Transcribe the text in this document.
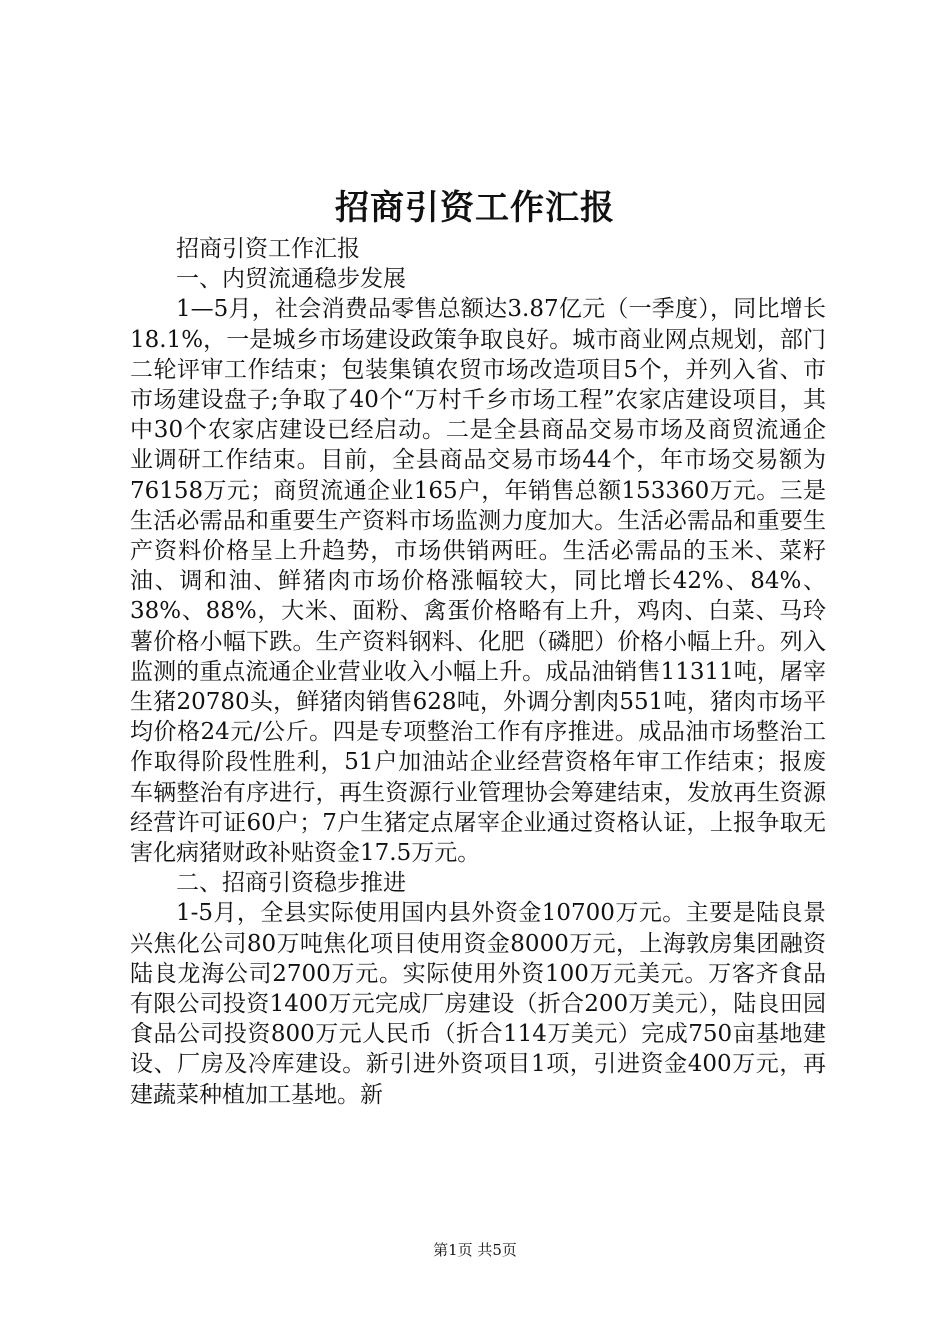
招商引资工作汇报

招商引资工作汇报

一、内贸流通稳步发展

1—5月，社会消费品零售总额达3.87亿元（一季度），同比增长18.1%，一是城乡市场建设政策争取良好。城市商业网点规划，部门二轮评审工作结束；包装集镇农贸市场改造项目5个，并列入省、市市场建设盘子;争取了40个“万村千乡市场工程”农家店建设项目，其中30个农家店建设已经启动。二是全县商品交易市场及商贸流通企业调研工作结束。目前，全县商品交易市场44个，年市场交易额为76158万元；商贸流通企业165户，年销售总额153360万元。三是生活必需品和重要生产资料市场监测力度加大。生活必需品和重要生产资料价格呈上升趋势，市场供销两旺。生活必需品的玉米、菜籽油、调和油、鲜猪肉市场价格涨幅较大，同比增长42%、84%、38%、88%，大米、面粉、禽蛋价格略有上升，鸡肉、白菜、马玲薯价格小幅下跌。生产资料钢料、化肥（磷肥）价格小幅上升。列入监测的重点流通企业营业收入小幅上升。成品油销售11311吨，屠宰生猪20780头，鲜猪肉销售628吨，外调分割肉551吨，猪肉市场平均价格24元/公斤。四是专项整治工作有序推进。成品油市场整治工作取得阶段性胜利，51户加油站企业经营资格年审工作结束；报废车辆整治有序进行，再生资源行业管理协会筹建结束，发放再生资源经营许可证60户；7户生猪定点屠宰企业通过资格认证，上报争取无害化病猪财政补贴资金17.5万元。

二、招商引资稳步推进

1-5月，全县实际使用国内县外资金10700万元。主要是陆良景兴焦化公司80万吨焦化项目使用资金8000万元，上海敦房集团融资陆良龙海公司2700万元。实际使用外资100万元美元。万客齐食品有限公司投资1400万元完成厂房建设（折合200万美元），陆良田园食品公司投资800万元人民币（折合114万美元）完成750亩基地建设、厂房及冷库建设。新引进外资项目1项，引进资金400万元，再建蔬菜种植加工基地。新

第1页 共5页
